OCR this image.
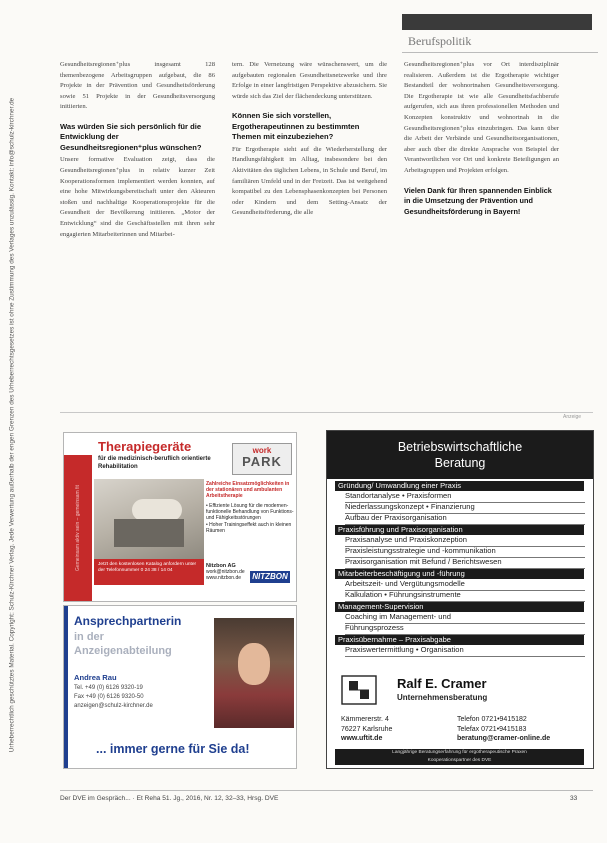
Berufspolitik
Urheberrechtlich geschütztes Material. Copyright: Schulz-Kirchner Verlag. Jede Verwertung außerhalb der engen Grenzen des Urheberrechtsgesetzes ist ohne Zustimmung des Verlages unzulässig. Kontakt: info@schulz-kirchner.de

Gesundheitsregionen⁺plus insgesamt 128 themenbezogene Arbeitsgruppen aufgebaut, die 86 Projekte in der Prävention und Gesundheitsförderung sowie 51 Projekte in der Gesundheitsversorgung initiierten.

Was würden Sie sich persönlich für die Entwicklung der Gesundheitsregionen⁺plus wünschen?

Unsere formative Evaluation zeigt, dass die Gesundheitsregionen⁺plus in relativ kurzer Zeit Kooperationsformen implementiert werden konnten, auf eine hohe Mitwirkungsbereitschaft unter den Akteuren stoßen und nachhaltige Kooperationsprojekte für die Gesundheit der Bevölkerung initiieren. „Motor der Entwicklung“ sind die Geschäftsstellen mit ihren sehr engagierten Mitarbeiterinnen und Mitarbei-

tern. Die Vernetzung wäre wünschenswert, um die aufgebauten regionalen Gesundheitsnetzwerke und ihre Erfolge in einer langfristigen Perspektive abzusichern. Sie würde sich das Ziel der flächendeckung unterstützen.

Können Sie sich vorstellen, Ergotherapeutinnen zu bestimmten Themen mit einzubeziehen?

Für Ergotherapie sieht auf die Wiederherstellung der Handlungsfähigkeit im Alltag, insbesondere bei den Aktivitäten des täglichen Lebens, in Schule und Beruf, im familiären Umfeld und in der Freizeit. Das ist weitgehend kompatibel zu den Lebensphasenkonzepten bei Personen oder Kindern und dem Setting-Ansatz der Gesundheitsförderung, die alle

Gesundheitsregionen⁺plus vor Ort interdisziplinär realisieren. Außerdem ist die Ergotherapie wichtiger Bestandteil der wohnortnahen Gesundheitsversorgung. Die Ergotherapie ist wie alle Gesundheitsfachberufe aufgerufen, sich aus ihren professionellen Methoden und Konzepten konstruktiv und wohnortnah in die Gesundheitsregionen⁺plus einzubringen. Das kann über die Arbeit der Verbände und Gesundheitsorganisationen, aber auch über die direkte Ansprache von Beispiel der Verantwortlichen vor Ort und konkrete Beteiligungen an Arbeitsgruppen und Projekten erfolgen.

Vielen Dank für Ihren spannenden Einblick in die Umsetzung der Prävention und Gesundheitsförderung in Bayern!
Anzeige
Gemeinsam aktiv sein – gemeinsam fit
Therapiegeräte
für die medizinisch-beruflich orientierte Rehabilitation
work
PARK
Jetzt den kostenlosen Katalog anfordern unter der Telefonnummer 0 24 38 / 14 04
Zahlreiche Einsatzmöglichkeiten in der stationären und ambulanten Arbeitstherapie
• Effiziente Lösung für die modernen-funktionelle Behandlung von Funktions- und Fähigkeitsstörungen
• Hoher Trainingseffekt auch in kleinen Räumen
Nitzbon AG
work@nitzbon.de
www.nitzbon.de	NITZBON
Ansprechpartnerin
in der Anzeigenabteilung
Andrea Rau
Tel. +49 (0) 6126 9320-19
Fax +49 (0) 6126 9320-50
anzeigen@schulz-kirchner.de
... immer gerne für Sie da!
Betriebswirtschaftliche
Beratung
Gründung/ Umwandlung einer Praxis
Standortanalyse • Praxisformen
Niederlassungskonzept • Finanzierung
Aufbau der Praxisorganisation
Praxisführung und Praxisorganisation
Praxisanalyse und Praxiskonzeption
Praxisleistungsstrategie und -kommunikation
Praxisorganisation mit Befund / Berichtswesen
Mitarbeiterbeschäftigung und -führung
Arbeitszeit- und Vergütungsmodelle
Kalkulation • Führungsinstrumente
Management-Supervision
Coaching im Management- und
Führungsprozess
Praxisübernahme – Praxisabgabe
Praxiswertermittlung • Organisation
Ralf E. Cramer
Unternehmensberatung
Kämmererstr. 4
76227 Karlsruhe
www.uftit.de
Telefon 0721•9415182
Telefax 0721•9415183
beratung@cramer-online.de
Langjährige Beratungserfahrung für ergotherapeutische Praxen
Kooperationspartner des DVE
Der DVE im Gespräch... · Et Reha 51. Jg., 2016, Nr. 12, 32–33, Hrsg. DVE	33
